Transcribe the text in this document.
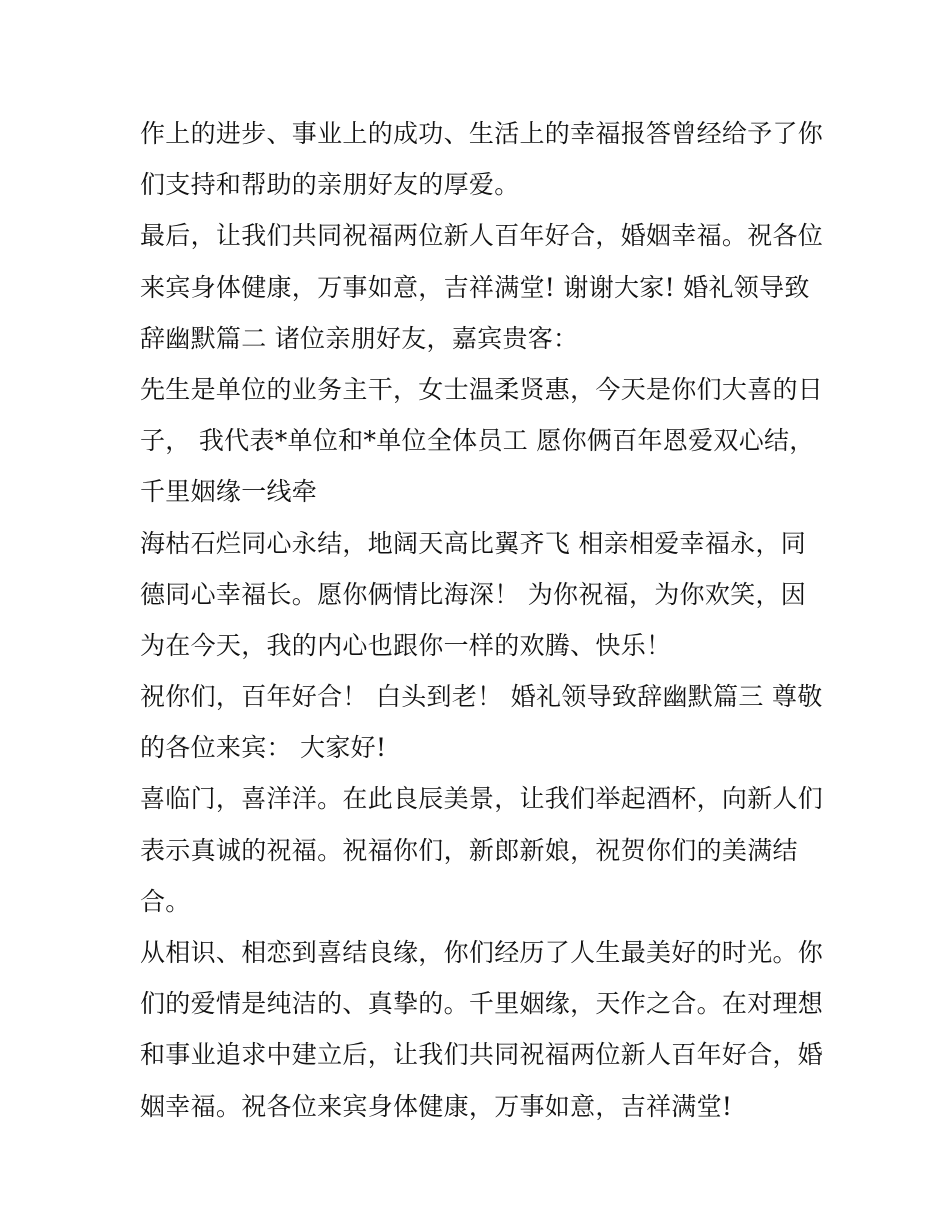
作上的进步、事业上的成功、生活上的幸福报答曾经给予了你
们支持和帮助的亲朋好友的厚爱。
最后，让我们共同祝福两位新人百年好合，婚姻幸福。祝各位
来宾身体健康，万事如意，吉祥满堂! 谢谢大家! 婚礼领导致
辞幽默篇二 诸位亲朋好友，嘉宾贵客：
先生是单位的业务主干，女士温柔贤惠，今天是你们大喜的日
子， 我代表*单位和*单位全体员工 愿你俩百年恩爱双心结，
千里姻缘一线牵
海枯石烂同心永结，地阔天高比翼齐飞 相亲相爱幸福永，同
德同心幸福长。愿你俩情比海深！ 为你祝福，为你欢笑，因
为在今天，我的内心也跟你一样的欢腾、快乐！
祝你们，百年好合！ 白头到老！ 婚礼领导致辞幽默篇三 尊敬
的各位来宾： 大家好!
喜临门，喜洋洋。在此良辰美景，让我们举起酒杯，向新人们
表示真诚的祝福。祝福你们，新郎新娘，祝贺你们的美满结
合。
从相识、相恋到喜结良缘，你们经历了人生最美好的时光。你
们的爱情是纯洁的、真挚的。千里姻缘，天作之合。在对理想
和事业追求中建立后，让我们共同祝福两位新人百年好合，婚
姻幸福。祝各位来宾身体健康，万事如意，吉祥满堂!
